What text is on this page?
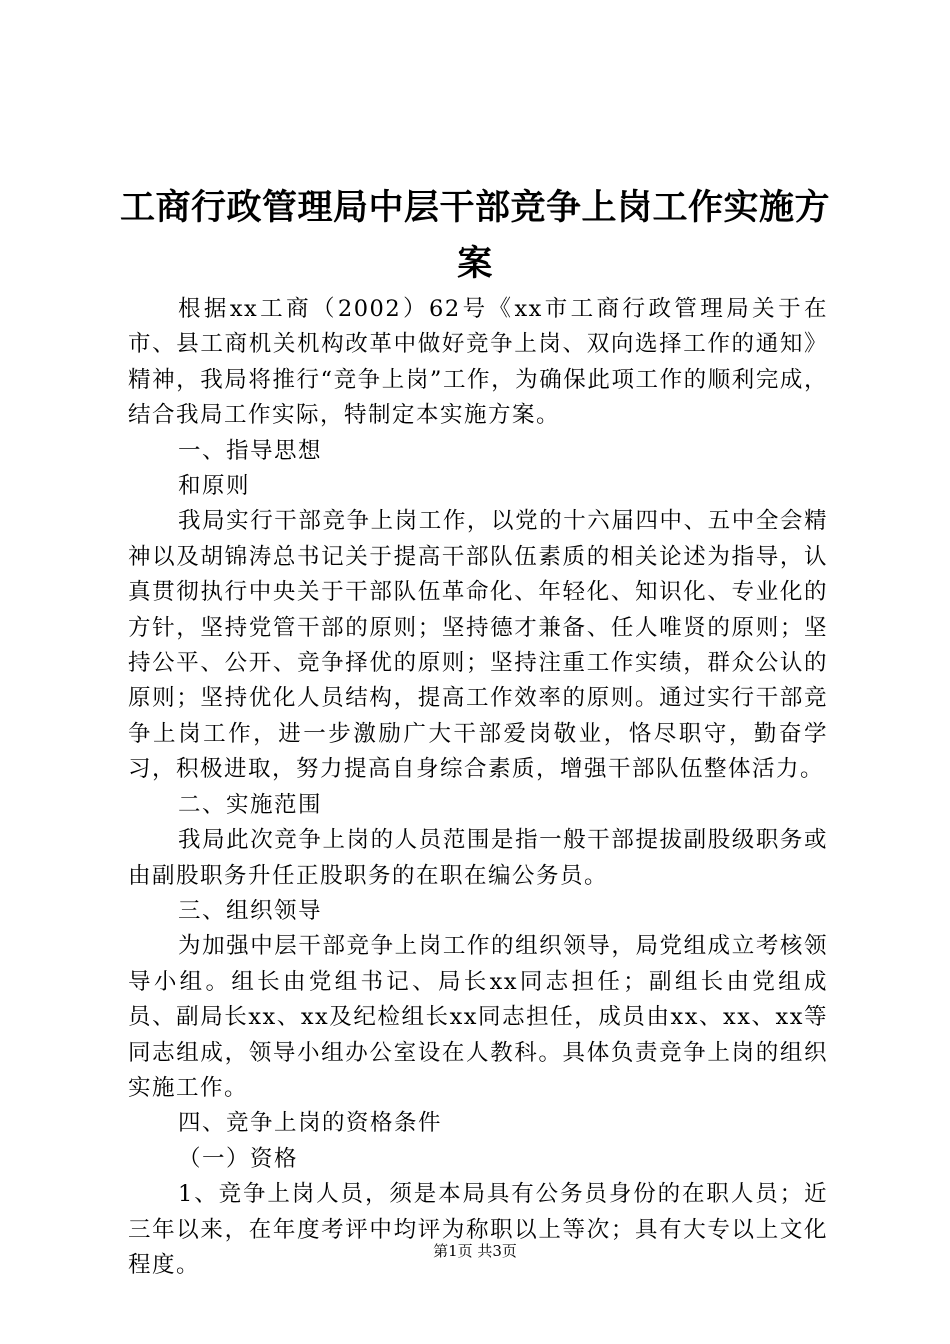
工商行政管理局中层干部竞争上岗工作实施方案

根据xx工商（2002）62号《xx市工商行政管理局关于在市、县工商机关机构改革中做好竞争上岗、双向选择工作的通知》精神，我局将推行“竞争上岗”工作，为确保此项工作的顺利完成，结合我局工作实际，特制定本实施方案。

一、指导思想

和原则

我局实行干部竞争上岗工作，以党的十六届四中、五中全会精神以及胡锦涛总书记关于提高干部队伍素质的相关论述为指导，认真贯彻执行中央关于干部队伍革命化、年轻化、知识化、专业化的方针，坚持党管干部的原则；坚持德才兼备、任人唯贤的原则；坚持公平、公开、竞争择优的原则；坚持注重工作实绩，群众公认的原则；坚持优化人员结构，提高工作效率的原则。通过实行干部竞争上岗工作，进一步激励广大干部爱岗敬业，恪尽职守，勤奋学习，积极进取，努力提高自身综合素质，增强干部队伍整体活力。

二、实施范围

我局此次竞争上岗的人员范围是指一般干部提拔副股级职务或由副股职务升任正股职务的在职在编公务员。

三、组织领导

为加强中层干部竞争上岗工作的组织领导，局党组成立考核领导小组。组长由党组书记、局长xx同志担任；副组长由党组成员、副局长xx、xx及纪检组长xx同志担任，成员由xx、xx、xx等同志组成，领导小组办公室设在人教科。具体负责竞争上岗的组织实施工作。

四、竞争上岗的资格条件

（一）资格

1、竞争上岗人员，须是本局具有公务员身份的在职人员；近三年以来，在年度考评中均评为称职以上等次；具有大专以上文化程度。

第1页 共3页
